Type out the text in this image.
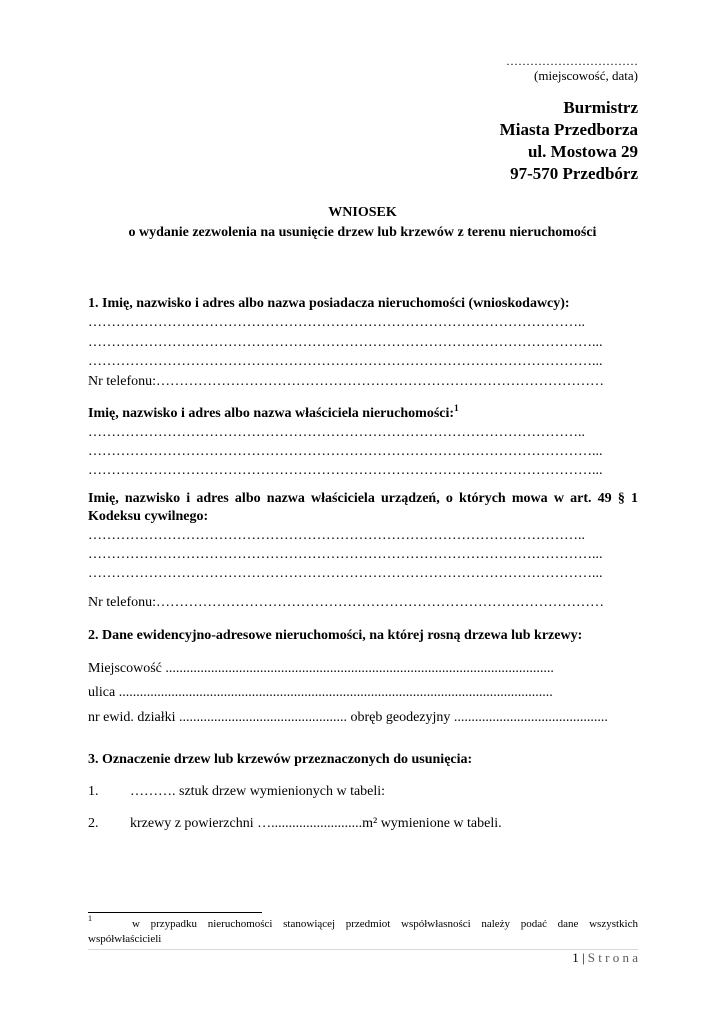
……………………………
(miejscowość, data)
Burmistrz
Miasta Przedborza
ul. Mostowa 29
97-570 Przedbórz
WNIOSEK
o wydanie zezwolenia na usunięcie drzew lub krzewów z terenu nieruchomości
1. Imię, nazwisko i adres albo nazwa posiadacza nieruchomości (wnioskodawcy):
……………………………………………………………………………………………..
………………………………………………………………………………………………...
………………………………………………………………………………………………...
Nr telefonu:……………………………………………………………………………………
Imię, nazwisko i adres albo nazwa właściciela nieruchomości:$^1$
……………………………………………………………………………………………..
………………………………………………………………………………………………...
………………………………………………………………………………………………...
Imię, nazwisko i adres albo nazwa właściciela urządzeń, o których mowa w art. 49 § 1
Kodeksu cywilnego:
……………………………………………………………………………………………..
………………………………………………………………………………………………...
………………………………………………………………………………………………...
Nr telefonu:……………………………………………………………………………………
2. Dane ewidencyjno-adresowe nieruchomości, na której rosną drzewa lub krzewy:
Miejscowość ...............................................................................................................
ulica ............................................................................................................................
nr ewid. działki ................................................ obręb geodezyjny ............................................
3. Oznaczenie drzew lub krzewów przeznaczonych do usunięcia:
1. ………. sztuk drzew wymienionych w tabeli:
2. krzewy z powierzchni …..........................m² wymienione w tabeli.
1	w przypadku nieruchomości stanowiącej przedmiot współwłasności należy podać dane wszystkich
współwłaścicieli
1 | S t r o n a
